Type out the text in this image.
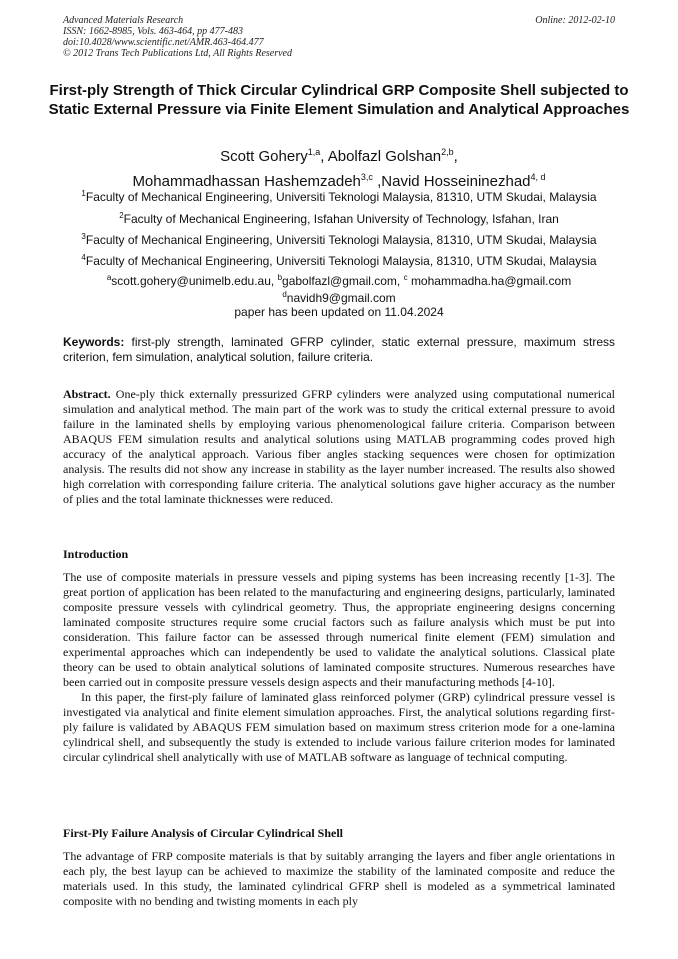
Advanced Materials Research
ISSN: 1662-8985, Vols. 463-464, pp 477-483
doi:10.4028/www.scientific.net/AMR.463-464.477
© 2012 Trans Tech Publications Ltd, All Rights Reserved
Online: 2012-02-10
First-ply Strength of Thick Circular Cylindrical GRP Composite Shell subjected to Static External Pressure via Finite Element Simulation and Analytical Approaches
Scott Gohery$^{1,a}$, Abolfazl Golshan$^{2,b}$,
Mohammadhassan Hashemzadeh$^{3,c}$ ,Navid Hosseininezhad$^{4, d}$
$^1$Faculty of Mechanical Engineering, Universiti Teknologi Malaysia, 81310, UTM Skudai, Malaysia
$^2$Faculty of Mechanical Engineering, Isfahan University of Technology, Isfahan, Iran
$^3$Faculty of Mechanical Engineering, Universiti Teknologi Malaysia, 81310, UTM Skudai, Malaysia
$^4$Faculty of Mechanical Engineering, Universiti Teknologi Malaysia, 81310, UTM Skudai, Malaysia
$^a$scott.gohery@unimelb.edu.au, $^b$gabolfazl@gmail.com, $^c$ mohammadha.ha@gmail.com
$^d$navidh9@gmail.com
paper has been updated on 11.04.2024
Keywords: first-ply strength, laminated GFRP cylinder, static external pressure, maximum stress criterion, fem simulation, analytical solution, failure criteria.
Abstract. One-ply thick externally pressurized GFRP cylinders were analyzed using computational numerical simulation and analytical method. The main part of the work was to study the critical external pressure to avoid failure in the laminated shells by employing various phenomenological failure criteria. Comparison between ABAQUS FEM simulation results and analytical solutions using MATLAB programming codes proved high accuracy of the analytical approach. Various fiber angles stacking sequences were chosen for optimization analysis. The results did not show any increase in stability as the layer number increased. The results also showed high correlation with corresponding failure criteria. The analytical solutions gave higher accuracy as the number of plies and the total laminate thicknesses were reduced.
Introduction

The use of composite materials in pressure vessels and piping systems has been increasing recently [1-3]. The great portion of application has been related to the manufacturing and engineering designs, particularly, laminated composite pressure vessels with cylindrical geometry. Thus, the appropriate engineering designs concerning laminated composite structures require some crucial factors such as failure analysis which must be put into consideration. This failure factor can be assessed through numerical finite element (FEM) simulation and experimental approaches which can independently be used to validate the analytical solutions. Classical plate theory can be used to obtain analytical solutions of laminated composite structures. Numerous researches have been carried out in composite pressure vessels design aspects and their manufacturing methods [4-10].

In this paper, the first-ply failure of laminated glass reinforced polymer (GRP) cylindrical pressure vessel is investigated via analytical and finite element simulation approaches. First, the analytical solutions regarding first-ply failure is validated by ABAQUS FEM simulation based on maximum stress criterion mode for a one-lamina cylindrical shell, and subsequently the study is extended to include various failure criterion modes for laminated circular cylindrical shell analytically with use of MATLAB software as language of technical computing.

First-Ply Failure Analysis of Circular Cylindrical Shell

The advantage of FRP composite materials is that by suitably arranging the layers and fiber angle orientations in each ply, the best layup can be achieved to maximize the stability of the laminated composite and reduce the materials used. In this study, the laminated cylindrical GFRP shell is modeled as a symmetrical laminated composite with no bending and twisting moments in each ply
